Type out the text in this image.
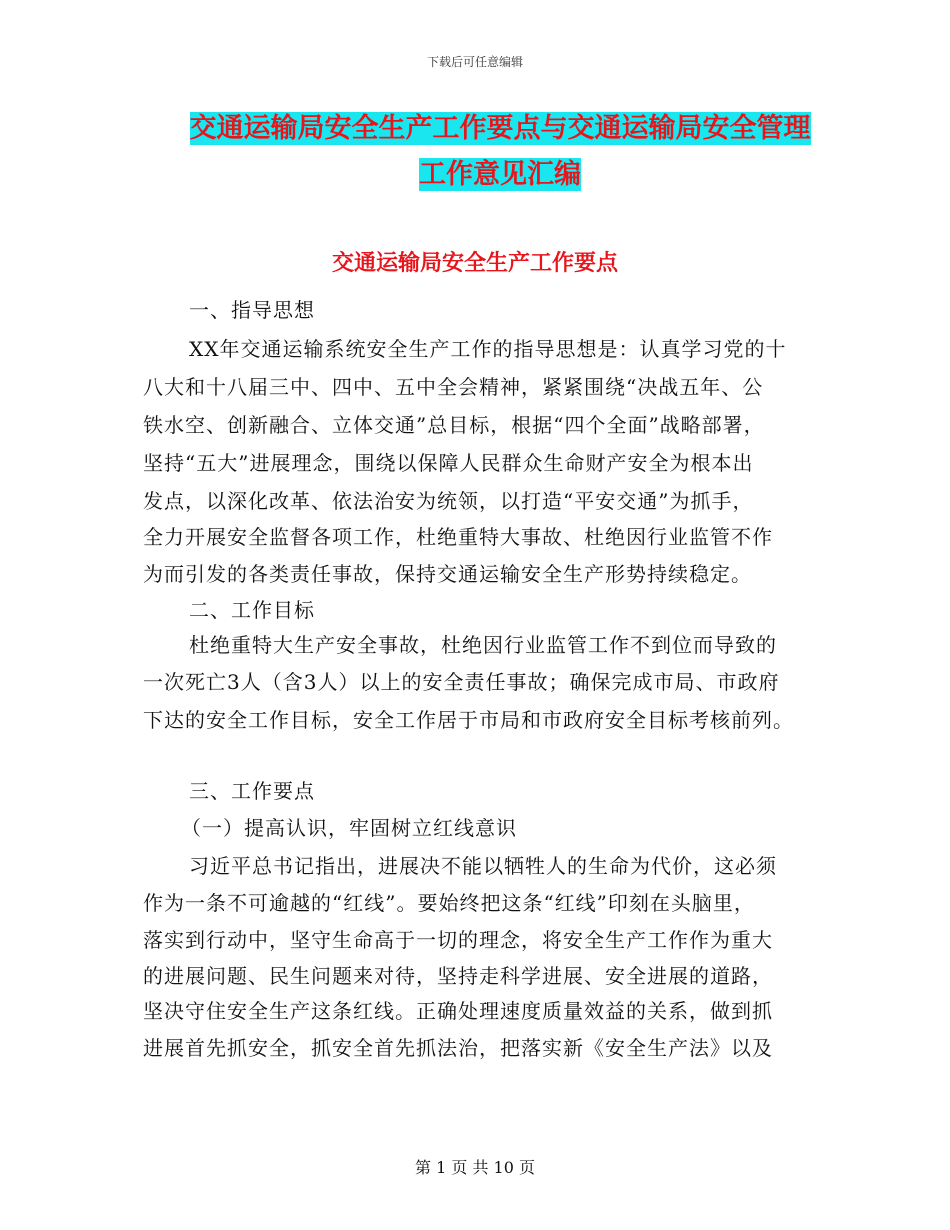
下载后可任意编辑
交通运输局安全生产工作要点与交通运输局安全管理
工作意见汇编
交通运输局安全生产工作要点
一、指导思想
XX年交通运输系统安全生产工作的指导思想是：认真学习党的十
八大和十八届三中、四中、五中全会精神，紧紧围绕“决战五年、公
铁水空、创新融合、立体交通”总目标，根据“四个全面”战略部署，
坚持“五大”进展理念，围绕以保障人民群众生命财产安全为根本出
发点，以深化改革、依法治安为统领，以打造“平安交通”为抓手，
全力开展安全监督各项工作，杜绝重特大事故、杜绝因行业监管不作
为而引发的各类责任事故，保持交通运输安全生产形势持续稳定。
二、工作目标
杜绝重特大生产安全事故，杜绝因行业监管工作不到位而导致的
一次死亡3人（含3人）以上的安全责任事故；确保完成市局、市政府
下达的安全工作目标，安全工作居于市局和市政府安全目标考核前列。
三、工作要点
（一）提高认识，牢固树立红线意识
习近平总书记指出，进展决不能以牺牲人的生命为代价，这必须
作为一条不可逾越的“红线”。要始终把这条“红线”印刻在头脑里，
落实到行动中，坚守生命高于一切的理念，将安全生产工作作为重大
的进展问题、民生问题来对待，坚持走科学进展、安全进展的道路，
坚决守住安全生产这条红线。正确处理速度质量效益的关系，做到抓
进展首先抓安全，抓安全首先抓法治，把落实新《安全生产法》以及
第 1 页 共 10 页
